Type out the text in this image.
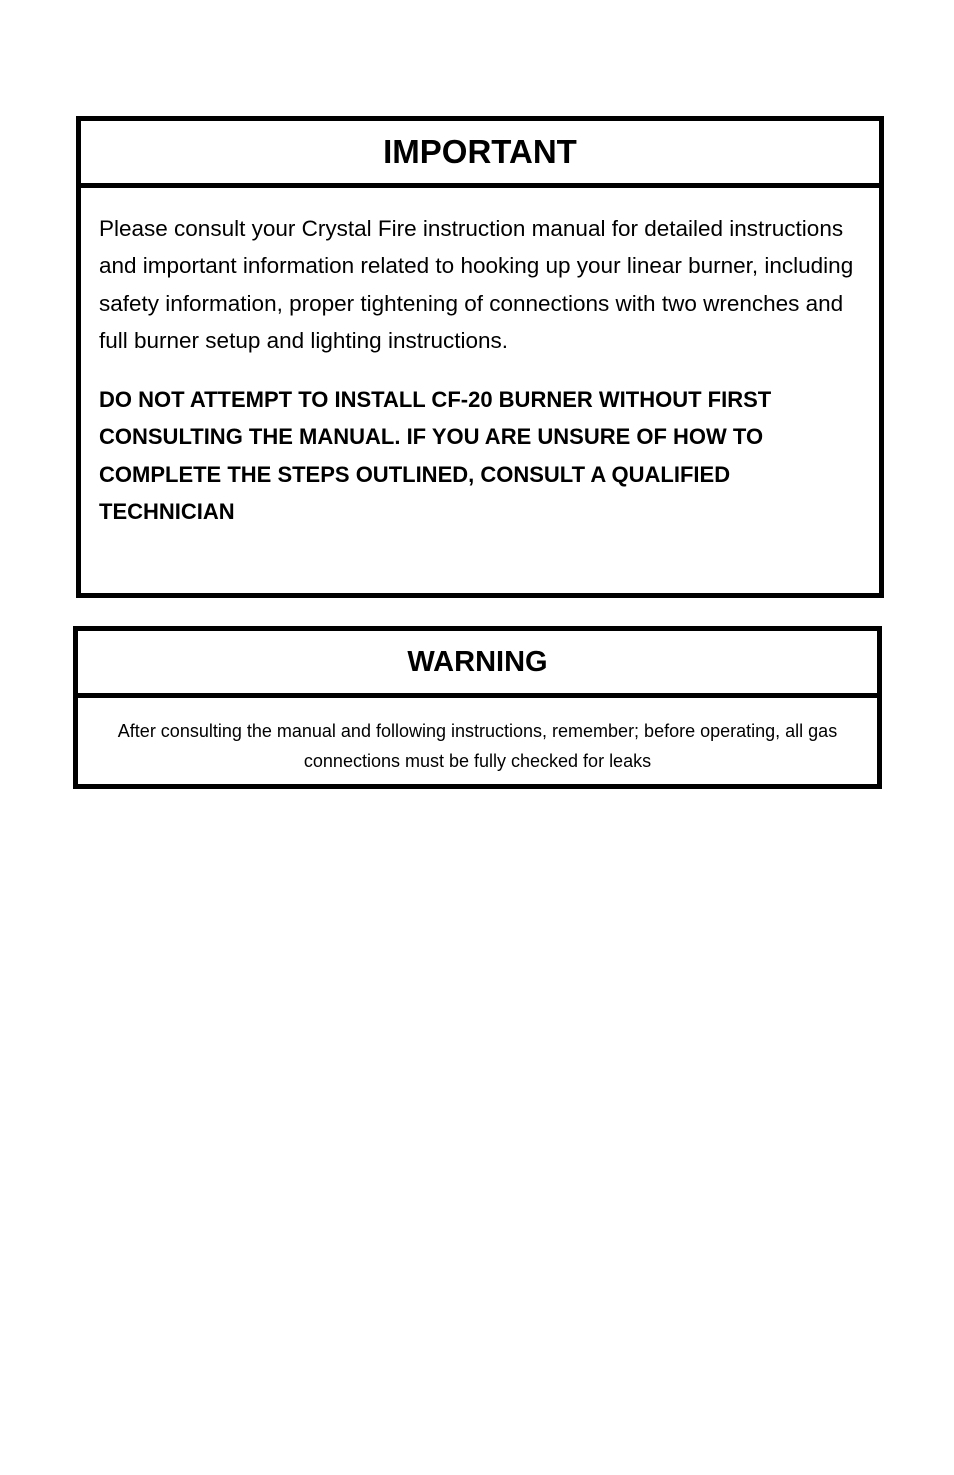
IMPORTANT

Please consult your Crystal Fire instruction manual for detailed instructions and important information related to hooking up your linear burner, including safety information, proper tightening of connections with two wrenches and full burner setup and lighting instructions.

DO NOT ATTEMPT TO INSTALL CF-20 BURNER WITHOUT FIRST CONSULTING THE MANUAL. IF YOU ARE UNSURE OF HOW TO COMPLETE THE STEPS OUTLINED, CONSULT A QUALIFIED TECHNICIAN

WARNING
After consulting the manual and following instructions, remember; before operating, all gas connections must be fully checked for leaks
